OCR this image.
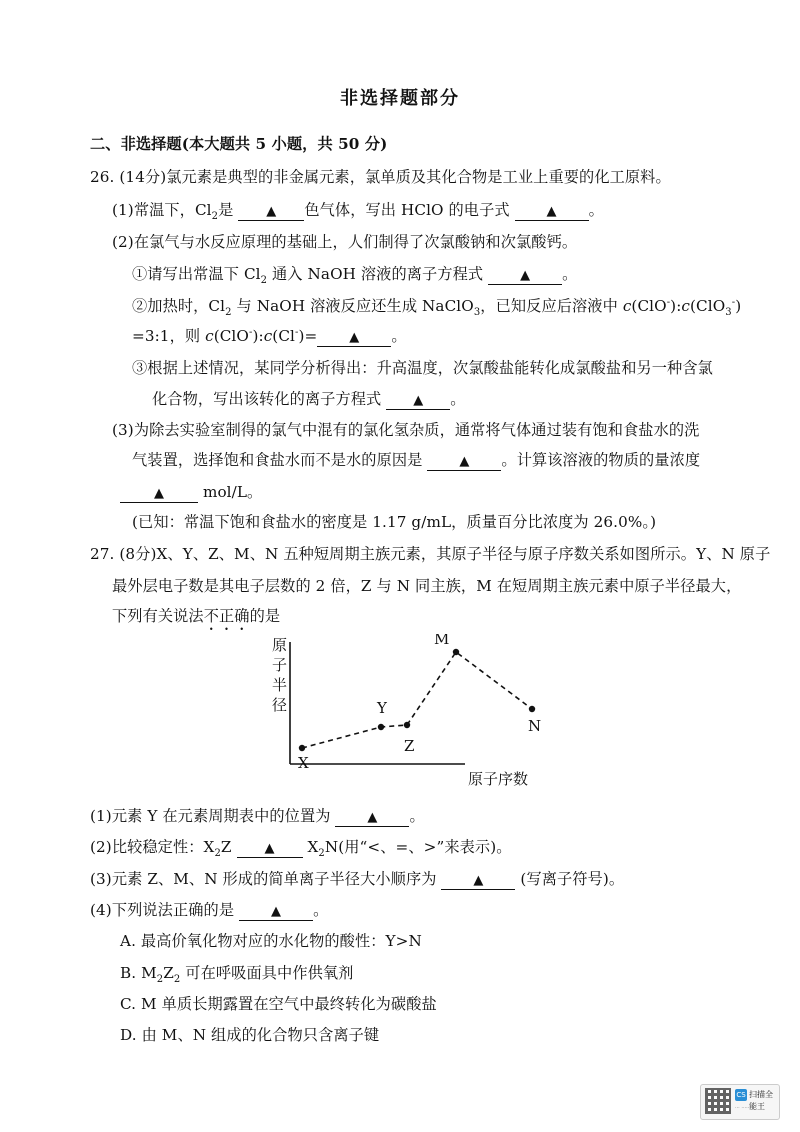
非选择题部分
二、非选择题(本大题共 5 小题，共 50 分)
26. (14分)氯元素是典型的非金属元素，氯单质及其化合物是工业上重要的化工原料。
(1)常温下，$Cl_2$是	▲ 色气体，写出 HClO 的电子式	▲ 。
(2)在氯气与水反应原理的基础上，人们制得了次氯酸钠和次氯酸钙。
①请写出常温下 $Cl_2$ 通入 NaOH 溶液的离子方程式	▲ 。
②加热时，$Cl_2$ 与 NaOH 溶液反应还生成 NaClO$_3$，已知反应后溶液中 c(ClO-):c(ClO$_3$-)
=3:1，则 c(ClO-):c(Cl-)= ▲ 。
③根据上述情况，某同学分析得出：升高温度，次氯酸盐能转化成氯酸盐和另一种含氯
化合物，写出该转化的离子方程式 ▲ 。
(3)为除去实验室制得的氯气中混有的氯化氢杂质，通常将气体通过装有饱和食盐水的洗
气装置，选择饱和食盐水而不是水的原因是	▲ 。计算该溶液的物质的量浓度
▲	mol/L。
(已知：常温下饱和食盐水的密度是 1.17 g/mL，质量百分比浓度为 26.0%。)
27. (8分)X、Y、Z、M、N 五种短周期主族元素，其原子半径与原子序数关系如图所示。Y、N 原子
最外层电子数是其电子层数的 2 倍，Z 与 N 同主族，M 在短周期主族元素中原子半径最大，
下列有关说法不正确的是
原 子 半 径
原子序数
X
Y
Z
M
N
(1)元素 Y 在元素周期表中的位置为	▲ 。
(2)比较稳定性：$X_2Z$	▲ $X_2N$(用“<、=、>”来表示)。
(3)元素 Z、M、N 形成的简单离子半径大小顺序为	▲ (写离子符号)。
(4)下列说法正确的是	▲ 。
A. 最高价氧化物对应的水化物的酸性：Y>N
B. $M_2Z_2$ 可在呼吸面具中作供氧剂
C. M 单质长期露置在空气中最终转化为碳酸盐
D. 由 M、N 组成的化合物只含离子键
CS 扫描全能王
··· ·····
